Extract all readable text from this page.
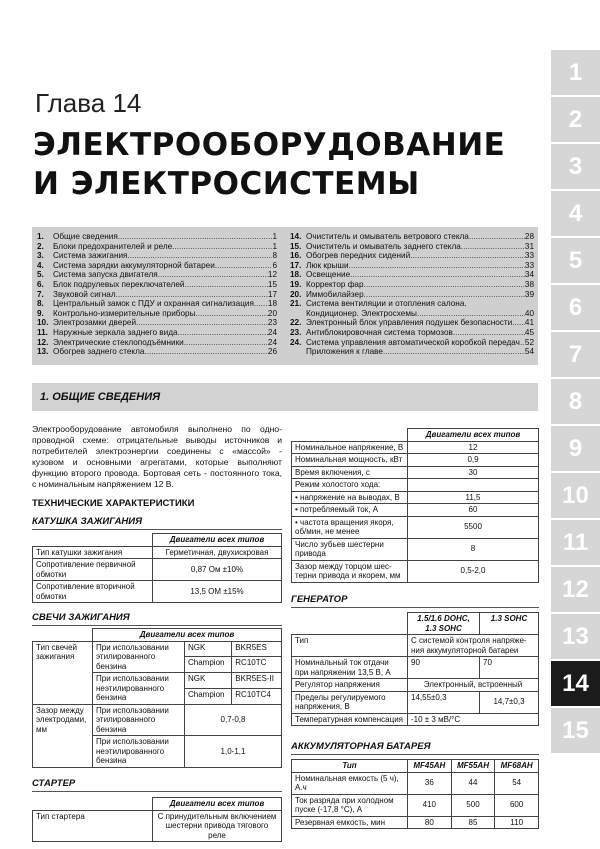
1
2
3
4
5
6
7
8
9
10
11
12
13
14
15
Глава 14
ЭЛЕКТРООБОРУДОВАНИЕ
И ЭЛЕКТРОСИСТЕМЫ
1.	Общие сведения .....	1
2.	Блоки предохранителей и реле .....	1
3.	Система зажигания .....	8
4.	Система зарядки аккумуляторной батареи .....	6
5.	Система запуска двигателя .....	12
6.	Блок подрулевых переключателей .....	15
7.	Звуковой сигнал .....	17
8.	Центральный замок с ПДУ и охранная сигнализация ..... 18
9.	Контрольно-измерительные приборы .....	20
10. Электрозамки дверей .....	23
11. Наружные зеркала заднего вида .....	24
12. Электрические стеклоподъёмники .....	24
13. Обогрев заднего стекла .....	26
14. Очиститель и омыватель ветрового стекла .....	28
15. Очиститель и омыватель заднего стекла .....	31
16. Обогрев передних сидений .....	33
17. Люк крыши .....	33
18. Освещение .....	34
19. Корректор фар .....	38
20. Иммобилайзер .....	39
21. Система вентиляции и отопления салона.
Кондиционер. Электросхемы .....	40
22. Электронный блок управления подушек безопасности ..... 41
23. Антиблокировочная система тормозов .....	45
24. Система управления автоматической коробкой передач ..... 52
Приложения к главе .....	54
1. ОБЩИЕ СВЕДЕНИЯ
Электрооборудование автомобиля выполнено по однопроводной схеме: отрицательные выводы источников и потребителей электроэнергии соединены с «массой» - кузовом и основными агрегатами, которые выполняют функцию второго провода. Бортовая сеть - постоянного тока, с номинальным напряжением 12 В.
ТЕХНИЧЕСКИЕ ХАРАКТЕРИСТИКИ
КАТУШКА ЗАЖИГАНИЯ
	Двигатели всех типов
Тип катушки зажигания	Герметичная, двухискровая
Сопротивление первичной обмотки	0,87 Ом ±10%
Сопротивление вторичной обмотки	13,5 ОМ ±15%
СВЕЧИ ЗАЖИГАНИЯ
	Двигатели всех типов		
Тип свечей зажигания	При использовании этилированного бензина	NGK	BKR5ES
		Champion	RC10TC
	При использовании неэтилированного бензина	NGK	BKR5ES-II
		Champion	RC10TC4
Зазор между электродами, мм	При использовании этилированного бензина	0,7-0,8	
	При использовании неэтилированного бензина	1,0-1,1	
СТАРТЕР
	Двигатели всех типов
Тип стартера	С принудительным включением шестерни привода тягового реле
	Двигатели всех типов
Номинальное напряжение, В	12
Номинальная мощность, кВт	0,9
Время включения, с	30
Режим холостого хода:	
• напряжение на выводах, В	11,5
• потребляемый ток, А	60
• частота вращения якоря, об/мин, не менее	5500
Число зубьев шестерни привода	8
Зазор между торцом шестерни привода и якорем, мм	0,5-2,0
ГЕНЕРАТОР
	1.5/1.6 DOHC, 1.3 SOHC	1.3 SOHC
Тип	С системой контроля напряжения аккумуляторной батареи	
Номинальный ток отдачи при напряжении 13,5 В, А	90	70
Регулятор напряжения	Электронный, встроенный	
Пределы регулируемого напряжения, В	14,55±0,3	14,7±0,3
Температурная компенсация	-10 ± 3 мВ/°С	
АККУМУЛЯТОРНАЯ БАТАРЕЯ
Тип	MF45AH	MF55AH	MF68AH
Номинальная емкость (5 ч), А.ч	36	44	54
Ток разряда при холодном пуске (-17,8 °С), А	410	500	600
Резервная емкость, мин	80	85	110
